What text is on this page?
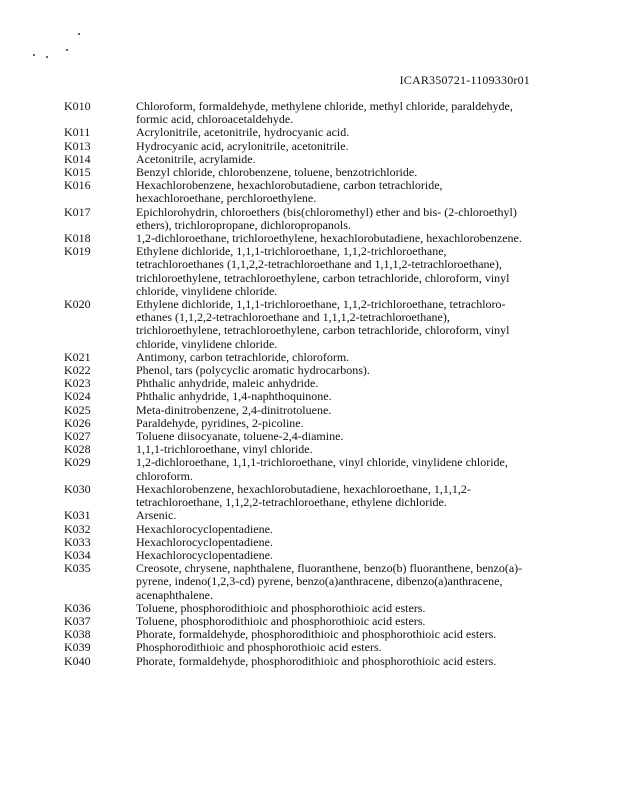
ICAR350721-1109330r01
K010	Chloroform, formaldehyde, methylene chloride, methyl chloride, paraldehyde,
formic acid, chloroacetaldehyde.
K011	Acrylonitrile, acetonitrile, hydrocyanic acid.
K013	Hydrocyanic acid, acrylonitrile, acetonitrile.
K014	Acetonitrile, acrylamide.
K015	Benzyl chloride, chlorobenzene, toluene, benzotrichloride.
K016	Hexachlorobenzene, hexachlorobutadiene, carbon tetrachloride,
hexachloroethane, perchloroethylene.
K017	Epichlorohydrin, chloroethers (bis(chloromethyl) ether and bis- (2-chloroethyl)
ethers), trichloropropane, dichloropropanols.
K018	1,2-dichloroethane, trichloroethylene, hexachlorobutadiene, hexachlorobenzene.
K019	Ethylene dichloride, 1,1,1-trichloroethane, 1,1,2-trichloroethane,
tetrachloroethanes (1,1,2,2-tetrachloroethane and 1,1,1,2-tetrachloroethane),
trichloroethylene, tetrachloroethylene, carbon tetrachloride, chloroform, vinyl
chloride, vinylidene chloride.
K020	Ethylene dichloride, 1,1,1-trichloroethane, 1,1,2-trichloroethane, tetrachloro-
ethanes (1,1,2,2-tetrachloroethane and 1,1,1,2-tetrachloroethane),
trichloroethylene, tetrachloroethylene, carbon tetrachloride, chloroform, vinyl
chloride, vinylidene chloride.
K021	Antimony, carbon tetrachloride, chloroform.
K022	Phenol, tars (polycyclic aromatic hydrocarbons).
K023	Phthalic anhydride, maleic anhydride.
K024	Phthalic anhydride, 1,4-naphthoquinone.
K025	Meta-dinitrobenzene, 2,4-dinitrotoluene.
K026	Paraldehyde, pyridines, 2-picoline.
K027	Toluene diisocyanate, toluene-2,4-diamine.
K028	1,1,1-trichloroethane, vinyl chloride.
K029	1,2-dichloroethane, 1,1,1-trichloroethane, vinyl chloride, vinylidene chloride,
chloroform.
K030	Hexachlorobenzene, hexachlorobutadiene, hexachloroethane, 1,1,1,2-
tetrachloroethane, 1,1,2,2-tetrachloroethane, ethylene dichloride.
K031	Arsenic.
K032	Hexachlorocyclopentadiene.
K033	Hexachlorocyclopentadiene.
K034	Hexachlorocyclopentadiene.
K035	Creosote, chrysene, naphthalene, fluoranthene, benzo(b) fluoranthene, benzo(a)-
pyrene, indeno(1,2,3-cd) pyrene, benzo(a)anthracene, dibenzo(a)anthracene,
acenaphthalene.
K036	Toluene, phosphorodithioic and phosphorothioic acid esters.
K037	Toluene, phosphorodithioic and phosphorothioic acid esters.
K038	Phorate, formaldehyde, phosphorodithioic and phosphorothioic acid esters.
K039	Phosphorodithioic and phosphorothioic acid esters.
K040	Phorate, formaldehyde, phosphorodithioic and phosphorothioic acid esters.
